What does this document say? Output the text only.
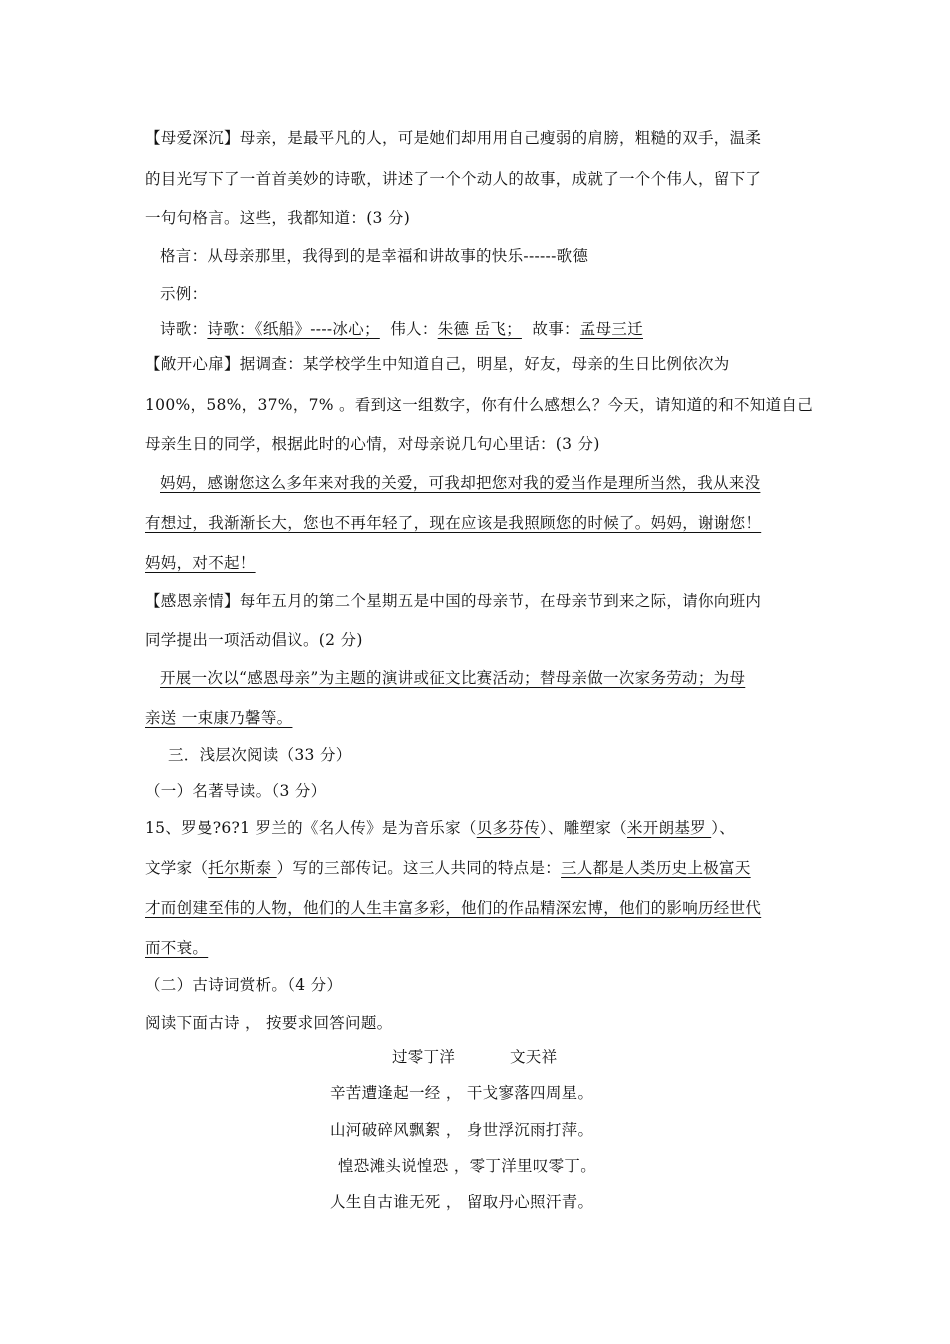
【母爱深沉】母亲，是最平凡的人，可是她们却用用自己瘦弱的肩膀，粗糙的双手，温柔
的目光写下了一首首美妙的诗歌，讲述了一个个动人的故事，成就了一个个伟人，留下了
一句句格言。这些，我都知道：(3 分)
格言：从母亲那里，我得到的是幸福和讲故事的快乐------歌德
示例：
诗歌：诗歌：《纸船》----冰心； 伟人：朱德 岳飞； 故事：孟母三迁
【敞开心扉】据调查：某学校学生中知道自己，明星，好友，母亲的生日比例依次为
100%，58%，37%，7% 。看到这一组数字，你有什么感想么？今天，请知道的和不知道自己
母亲生日的同学，根据此时的心情，对母亲说几句心里话：(3 分)
妈妈，感谢您这么多年来对我的关爱，可我却把您对我的爱当作是理所当然，我从来没
有想过，我渐渐长大，您也不再年轻了，现在应该是我照顾您的时候了。妈妈，谢谢您！
妈妈，对不起！
【感恩亲情】每年五月的第二个星期五是中国的母亲节，在母亲节到来之际，请你向班内
同学提出一项活动倡议。(2 分)
开展一次以“感恩母亲”为主题的演讲或征文比赛活动；替母亲做一次家务劳动；为母
亲送 一束康乃馨等。
三．浅层次阅读（33 分）
（一）名著导读。（3 分）
15、罗曼?6?1 罗兰的《名人传》是为音乐家（贝多芬传）、雕塑家（米开朗基罗 ）、
文学家（托尔斯泰 ）写的三部传记。这三人共同的特点是：三人都是人类历史上极富天
才而创建至伟的人物，他们的人生丰富多彩，他们的作品精深宏博，他们的影响历经世代
而不衰。
（二）古诗词赏析。（4 分）
阅读下面古诗 ， 按要求回答问题。
过零丁洋	文天祥
辛苦遭逢起一经 ， 干戈寥落四周星。
山河破碎风飘絮 ， 身世浮沉雨打萍。
惶恐滩头说惶恐 ，零丁洋里叹零丁。
人生自古谁无死 ， 留取丹心照汗青。
